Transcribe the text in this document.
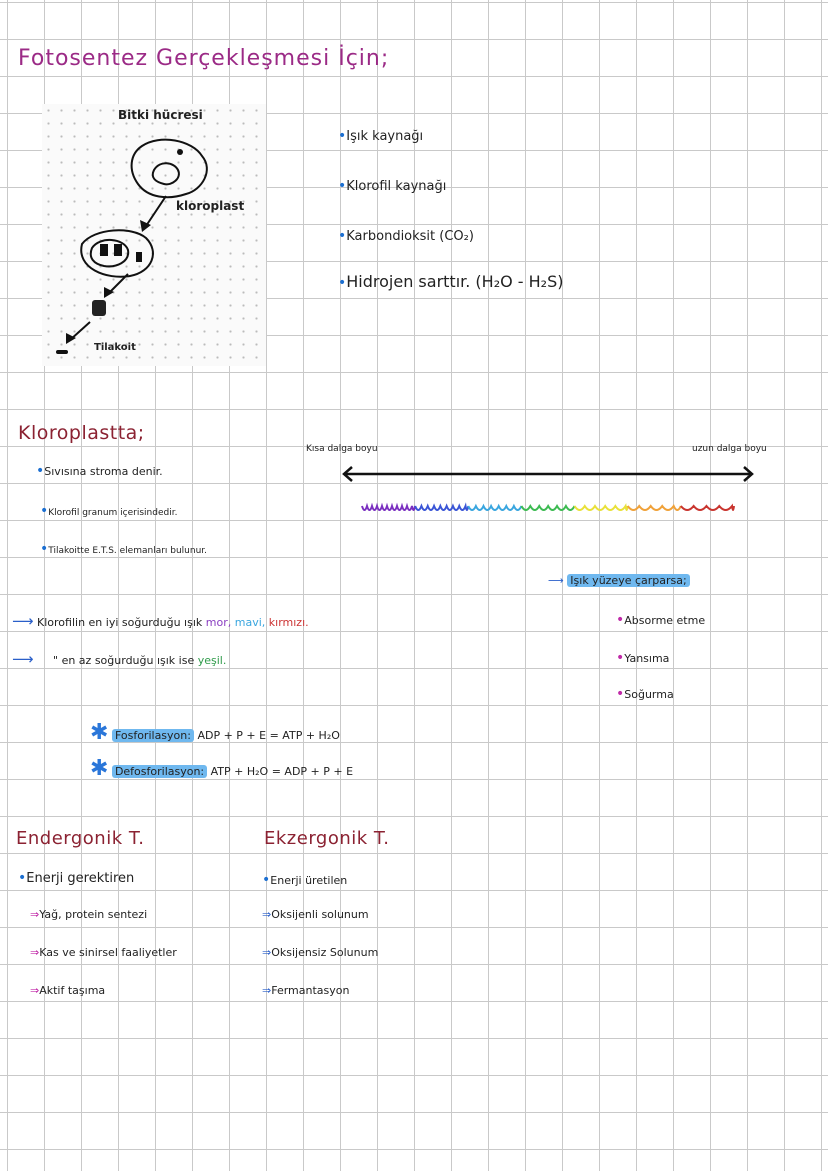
Fotosentez Gerçekleşmesi İçin;
Bitki hücresi
kloroplast
Tilakoit
•Işık kaynağı
•Klorofil kaynağı
•Karbondioksit (CO₂)
•Hidrojen sarttır. (H₂O - H₂S)
Kloroplastta;
•Sıvısına stroma denir.
•Klorofil granum içerisindedir.
•Tilakoitte E.T.S. elemanları bulunur.
Kısa dalga boyu	uzun dalga boyu
⟶ Klorofilin en iyi soğurduğu ışık mor, mavi, kırmızı.
⟶ " en az soğurduğu ışık ise yeşil.
⟶ Işık yüzeye çarparsa;
•Absorme etme
•Yansıma
•Soğurma
✱ Fosforilasyon: ADP + P + E = ATP + H₂O
✱ Defosforilasyon: ATP + H₂O = ADP + P + E
Endergonik T.
•Enerji gerektiren
⇒Yağ, protein sentezi
⇒Kas ve sinirsel faaliyetler
⇒Aktif taşıma
Ekzergonik T.
•Enerji üretilen
⇒Oksijenli solunum
⇒Oksijensiz Solunum
⇒Fermantasyon
